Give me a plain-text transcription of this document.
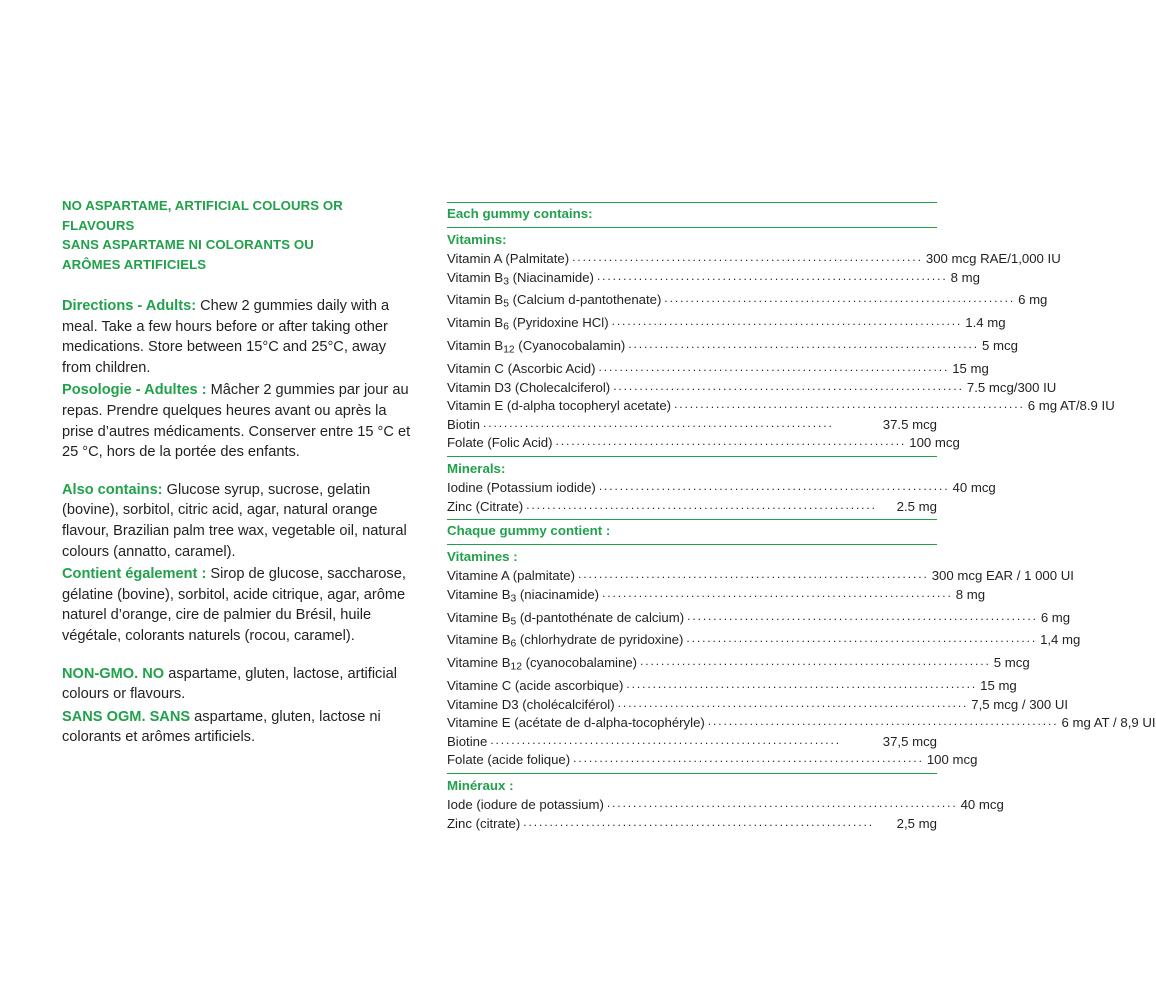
NO ASPARTAME, ARTIFICIAL COLOURS OR FLAVOURS
SANS ASPARTAME NI COLORANTS OU
ARÔMES ARTIFICIELS

Directions - Adults: Chew 2 gummies daily with a meal. Take a few hours before or after taking other medications. Store between 15°C and 25°C, away from children.

Posologie - Adultes : Mâcher 2 gummies par jour au repas. Prendre quelques heures avant ou après la prise d’autres médicaments. Conserver entre 15 °C et 25 °C, hors de la portée des enfants.

Also contains: Glucose syrup, sucrose, gelatin (bovine), sorbitol, citric acid, agar, natural orange flavour, Brazilian palm tree wax, vegetable oil, natural colours (annatto, caramel).

Contient également : Sirop de glucose, saccharose, gélatine (bovine), sorbitol, acide citrique, agar, arôme naturel d’orange, cire de palmier du Brésil, huile végétale, colorants naturels (rocou, caramel).

NON-GMO. NO aspartame, gluten, lactose, artificial colours or flavours.

SANS OGM. SANS aspartame, gluten, lactose ni colorants et arômes artificiels.

Each gummy contains:
Vitamins:
Vitamin A (Palmitate) ................................................................... 300 mcg RAE/1,000 IU
Vitamin $B_3$ (Niacinamide) ................................................................... 8 mg
Vitamin $B_5$ (Calcium d-pantothenate) ................................................................... 6 mg
Vitamin $B_6$ (Pyridoxine HCl) ................................................................... 1.4 mg
Vitamin $B_{12}$ (Cyanocobalamin) ................................................................... 5 mcg
Vitamin C (Ascorbic Acid) ................................................................... 15 mg
Vitamin D3 (Cholecalciferol) ................................................................... 7.5 mcg/300 IU
Vitamin E (d-alpha tocopheryl acetate) ................................................................... 6 mg AT/8.9 IU
Biotin ...................................................................	37.5 mcg
Folate (Folic Acid) ................................................................... 100 mcg
Minerals:
Iodine (Potassium iodide) ................................................................... 40 mcg
Zinc (Citrate) ...................................................................	2.5 mg
Chaque gummy contient :
Vitamines :
Vitamine A (palmitate) ................................................................... 300 mcg EAR / 1 000 UI
Vitamine $B_3$ (niacinamide) ................................................................... 8 mg
Vitamine $B_5$ (d-pantothénate de calcium) ................................................................... 6 mg
Vitamine $B_6$ (chlorhydrate de pyridoxine) ................................................................... 1,4 mg
Vitamine $B_{12}$ (cyanocobalamine) ................................................................... 5 mcg
Vitamine C (acide ascorbique) ................................................................... 15 mg
Vitamine D3 (cholécalciférol) ................................................................... 7,5 mcg / 300 UI
Vitamine E (acétate de d-alpha-tocophéryle) ................................................................... 6 mg AT / 8,9 UI
Biotine ...................................................................	37,5 mcg
Folate (acide folique) ................................................................... 100 mcg
Minéraux :
Iode (iodure de potassium) ................................................................... 40 mcg
Zinc (citrate) ...................................................................	2,5 mg
